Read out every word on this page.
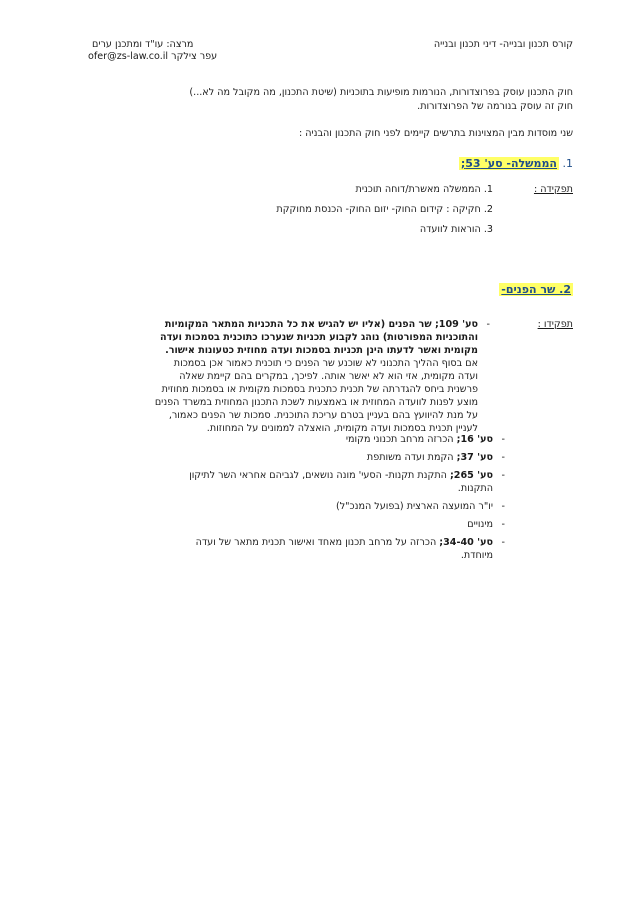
מרצה: עו"ד ומתכנן ערים
עפר צילקר ofer@zs-law.co.il
קורס תכנון ובנייה- דיני תכנון ובנייה
חוק התכנון עוסק בפרוצדורות, הנורמות מופיעות בתוכניות (שיטת התכנון, מה מקובל מה לא...)
חוק זה עוסק בנורמה של הפרוצדורות.
שני מוסדות מבין המצוינות בתרשים קיימים לפני חוק התכנון והבניה :
1. הממשלה- סע' 53;
תפקידה :
1. הממשלה מאשרת/דוחה תוכנית
2. חקיקה : קידום החוק- יזום החוק- הכנסת מחוקקת
3. הוראות לוועדה
2. שר הפנים-
תפקידו :
-

סע' 109; שר הפנים (אליו יש להגיש את כל התכניות המתאר המקומיות
והתוכניות המפורטות) נוהג לקבוע תכניות שנערכו כתוכנית בסמכות ועדה
מקומית ואשר לדעתו הינן תכניות בסמכות ועדה מחוזית כטעונות אישור.
אם בסוף ההליך התכנוני לא שוכנע שר הפנים כי תוכנית כאמור אכן בסמכות
ועדה מקומית, אזי הוא לא יאשר אותה. לפיכך, במקרים בהם קיימת שאלה
פרשנית ביחס להגדרתה של תכנית כתכנית בסמכות מקומית או בסמכות מחוזית
מוצע לפנות לוועדה המחוזית או באמצעות לשכת התכנון המחוזית במשרד הפנים
על מנת להיוועץ בהם בעניין בטרם עריכת התוכנית. סמכות שר הפנים כאמור,
לעניין תכנית בסמכות ועדה מקומית, הואצלה לממונים על המחוזות.

-
סע' 16; הכרזה מרחב תכנוני מקומי
-
סע' 37; הקמת ועדה משותפת
-
סע' 265; התקנת תקנות- הסעי' מונה נושאים, לגביהם אחראי השר לתיקון
התקנות.
-
יו"ר המועצה הארצית (בפועל המנכ"ל)
-
מינויים
-
סע' 34-40; הכרזה על מרחב תכנון מאחד ואישור תכנית מתאר של ועדה
מיוחדת.
